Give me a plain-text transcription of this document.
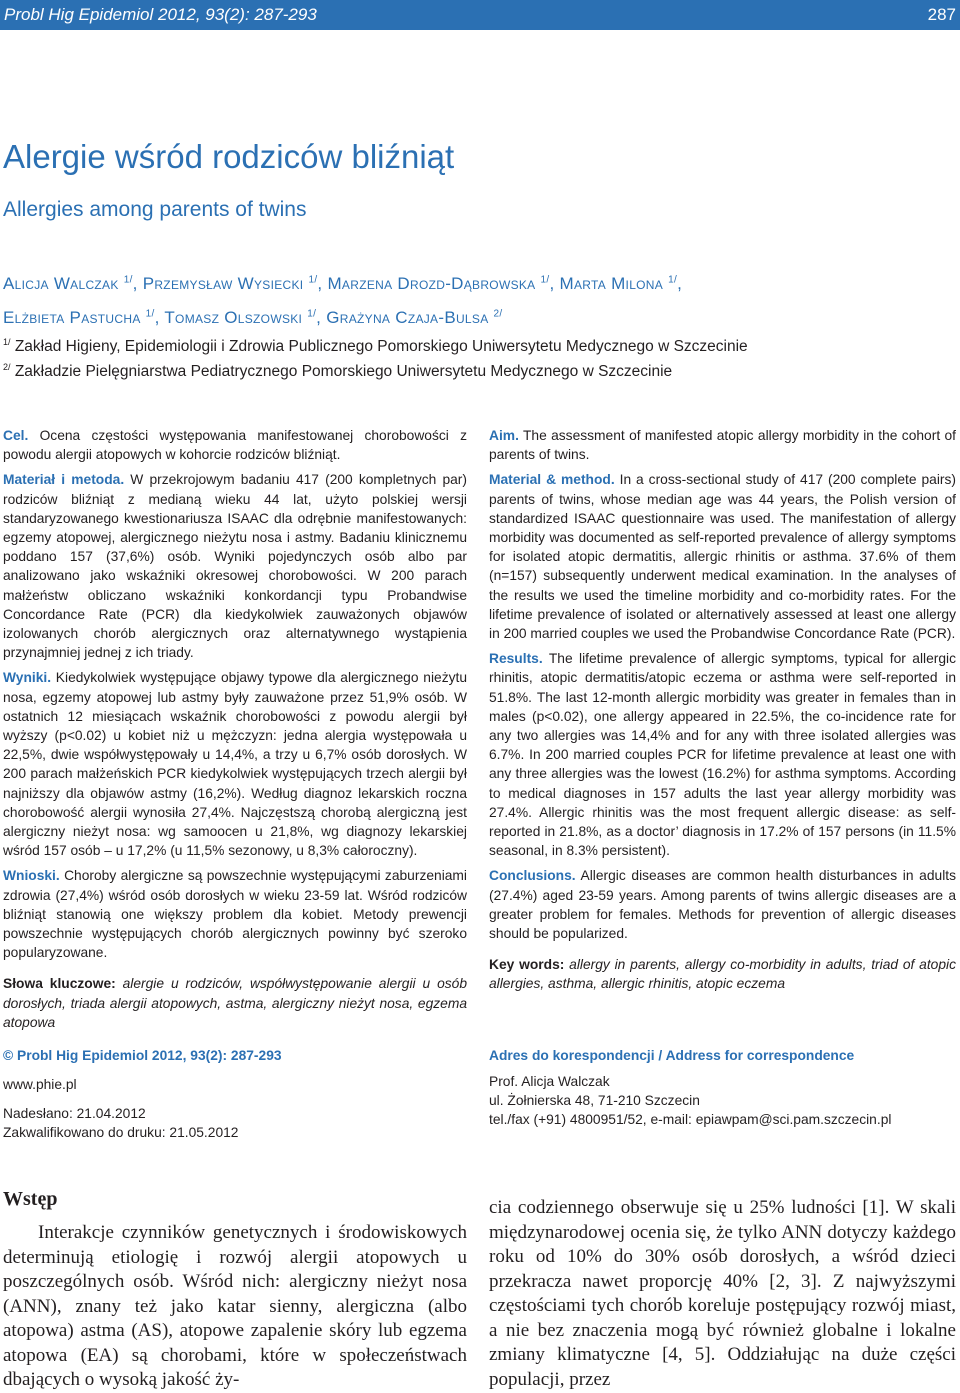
Probl Hig Epidemiol 2012, 93(2): 287-293	287
Alergie wśród rodziców bliźniąt
Allergies among parents of twins
Alicja Walczak $^{1/}$, Przemysław Wysiecki $^{1/}$, Marzena Drozd-Dąbrowska $^{1/}$, Marta Milona $^{1/}$,
Elżbieta Pastucha $^{1/}$, Tomasz Olszowski $^{1/}$, Grażyna Czaja-Bulsa $^{2/}$
$^{1/}$ Zakład Higieny, Epidemiologii i Zdrowia Publicznego Pomorskiego Uniwersytetu Medycznego w Szczecinie
$^{2/}$ Zakładzie Pielęgniarstwa Pediatrycznego Pomorskiego Uniwersytetu Medycznego w Szczecinie

Cel. Ocena częstości występowania manifestowanej chorobowości z powodu alergii atopowych w kohorcie rodziców bliźniąt.

Materiał i metoda. W przekrojowym badaniu 417 (200 kompletnych par) rodziców bliźniąt z medianą wieku 44 lat, użyto polskiej wersji standaryzowanego kwestionariusza ISAAC dla odrębnie manifestowanych: egzemy atopowej, alergicznego nieżytu nosa i astmy. Badaniu klinicznemu poddano 157 (37,6%) osób. Wyniki pojedynczych osób albo par analizowano jako wskaźniki okresowej chorobowości. W 200 parach małżeństw obliczano wskaźniki konkordancji typu Probandwise Concordance Rate (PCR) dla kiedykolwiek zauważonych objawów izolowanych chorób alergicznych oraz alternatywnego wystąpienia przynajmniej jednej z ich triady.

Wyniki. Kiedykolwiek występujące objawy typowe dla alergicznego nieżytu nosa, egzemy atopowej lub astmy były zauważone przez 51,9% osób. W ostatnich 12 miesiącach wskaźnik chorobowości z powodu alergii był wyższy (p<0.02) u kobiet niż u mężczyzn: jedna alergia występowała u 22,5%, dwie współwystępowały u 14,4%, a trzy u 6,7% osób dorosłych. W 200 parach małżeńskich PCR kiedykolwiek występujących trzech alergii był najniższy dla objawów astmy (16,2%). Według diagnoz lekarskich roczna chorobowość alergii wynosiła 27,4%. Najczęstszą chorobą alergiczną jest alergiczny nieżyt nosa: wg samoocen u 21,8%, wg diagnozy lekarskiej wśród 157 osób – u 17,2% (u 11,5% sezonowy, u 8,3% całoroczny).

Wnioski. Choroby alergiczne są powszechnie występującymi zaburzeniami zdrowia (27,4%) wśród osób dorosłych w wieku 23-59 lat. Wśród rodziców bliźniąt stanowią one większy problem dla kobiet. Metody prewencji powszechnie występujących chorób alergicznych powinny być szeroko popularyzowane.

Słowa kluczowe: alergie u rodziców, współwystępowanie alergii u osób dorosłych, triada alergii atopowych, astma, alergiczny nieżyt nosa, egzema atopowa

Aim. The assessment of manifested atopic allergy morbidity in the cohort of parents of twins.

Material & method. In a cross-sectional study of 417 (200 complete pairs) parents of twins, whose median age was 44 years, the Polish version of standardized ISAAC questionnaire was used. The manifestation of allergy morbidity was documented as self-reported prevalence of allergy symptoms for isolated atopic dermatitis, allergic rhinitis or asthma. 37.6% of them (n=157) subsequently underwent medical examination. In the analyses of the results we used the timeline morbidity and co-morbidity rates. For the lifetime prevalence of isolated or alternatively assessed at least one allergy in 200 married couples we used the Probandwise Concordance Rate (PCR).

Results. The lifetime prevalence of allergic symptoms, typical for allergic rhinitis, atopic dermatitis/atopic eczema or asthma were self-reported in 51.8%. The last 12-month allergic morbidity was greater in females than in males (p<0.02), one allergy appeared in 22.5%, the co-incidence rate for any two allergies was 14,4% and for any with three isolated allergies was 6.7%. In 200 married couples PCR for lifetime prevalence at least one with any three allergies was the lowest (16.2%) for asthma symptoms. According to medical diagnoses in 157 adults the last year allergy morbidity was 27.4%. Allergic rhinitis was the most frequent allergic disease: as self-reported in 21.8%, as a doctor’ diagnosis in 17.2% of 157 persons (in 11.5% seasonal, in 8.3% persistent).

Conclusions. Allergic diseases are common health disturbances in adults (27.4%) aged 23-59 years. Among parents of twins allergic diseases are a greater problem for females. Methods for prevention of allergic diseases should be popularized.

Key words: allergy in parents, allergy co-morbidity in adults, triad of atopic allergies, asthma, allergic rhinitis, atopic eczema

© Probl Hig Epidemiol 2012, 93(2): 287-293
www.phie.pl
Nadesłano: 21.04.2012
Zakwalifikowano do druku: 21.05.2012
Adres do korespondencji / Address for correspondence
Prof. Alicja Walczak
ul. Żołnierska 48, 71-210 Szczecin
tel./fax (+91) 4800951/52, e-mail: epiawpam@sci.pam.szczecin.pl
Wstęp

Interakcje czynników genetycznych i środowiskowych determinują etiologię i rozwój alergii atopowych u poszczególnych osób. Wśród nich: alergiczny nieżyt nosa (ANN), znany też jako katar sienny, alergiczna (albo atopowa) astma (AS), atopowe zapalenie skóry lub egzema atopowa (EA) są chorobami, które w społeczeństwach dbających o wysoką jakość ży-

cia codziennego obserwuje się u 25% ludności [1]. W skali międzynarodowej ocenia się, że tylko ANN dotyczy każdego roku od 10% do 30% osób dorosłych, a wśród dzieci przekracza nawet proporcję 40% [2, 3]. Z najwyższymi częstościami tych chorób koreluje postępujący rozwój miast, a nie bez znaczenia mogą być również globalne i lokalne zmiany klimatyczne [4, 5]. Oddziałując na duże części populacji, przez
